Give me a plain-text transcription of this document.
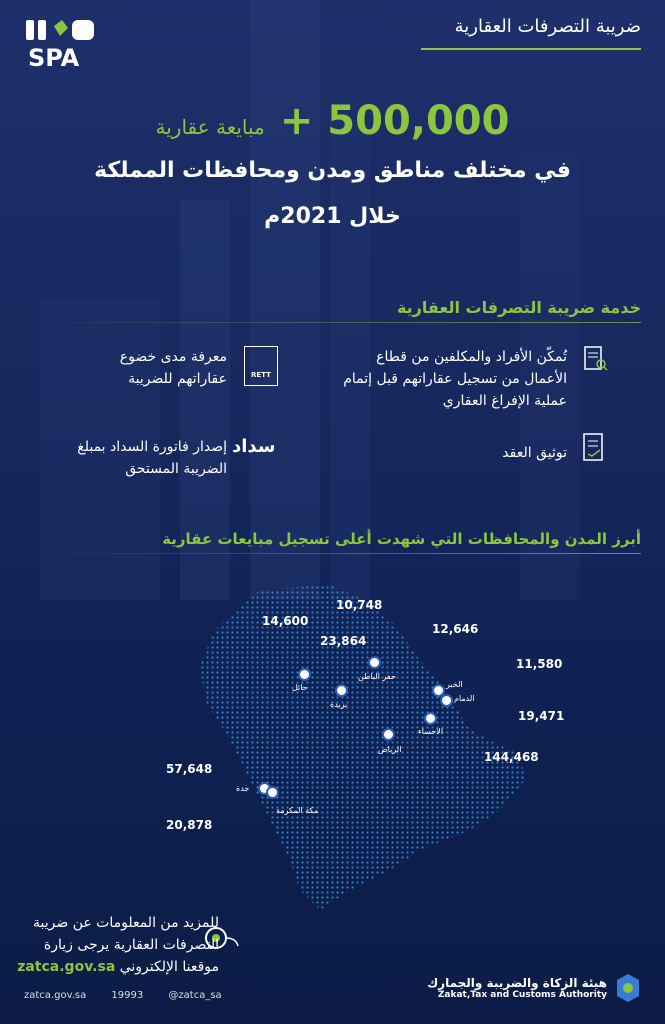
SPA
ضريبة التصرفات العقارية
+ 500,000 مبايعة عقارية
في مختلف مناطق ومدن ومحافظات المملكة
خلال 2021م
خدمة ضريبة التصرفات العقارية
تُمكّن الأفراد والمكلفين من قطاع الأعمال من تسجيل عقاراتهم قبل إتمام عملية الإفراغ العقاري
RETT
معرفة مدى خضوع عقاراتهم للضريبة
توثيق العقد
سداد
إصدار فاتورة السداد بمبلغ الضريبة المستحق
أبرز المدن والمحافظات التي شهدت أعلى تسجيل مبايعات عقارية
حائل
14,600
بريدة
23,864
حفر الباطن
10,748
الخبر
12,646
الدمام
11,580
الاحساء
19,471
الرياض
144,468
جدة
57,648
مكة المكرمة
20,878
للمزيد من المعلومات عن ضريبة
التصرفات العقارية يرجى زيارة
موقعنا الإلكتروني zatca.gov.sa
zatca.gov.sa	19993	@zatca_sa
هيئة الزكاة والضريبة والجمارك
Zakat,Tax and Customs Authority
